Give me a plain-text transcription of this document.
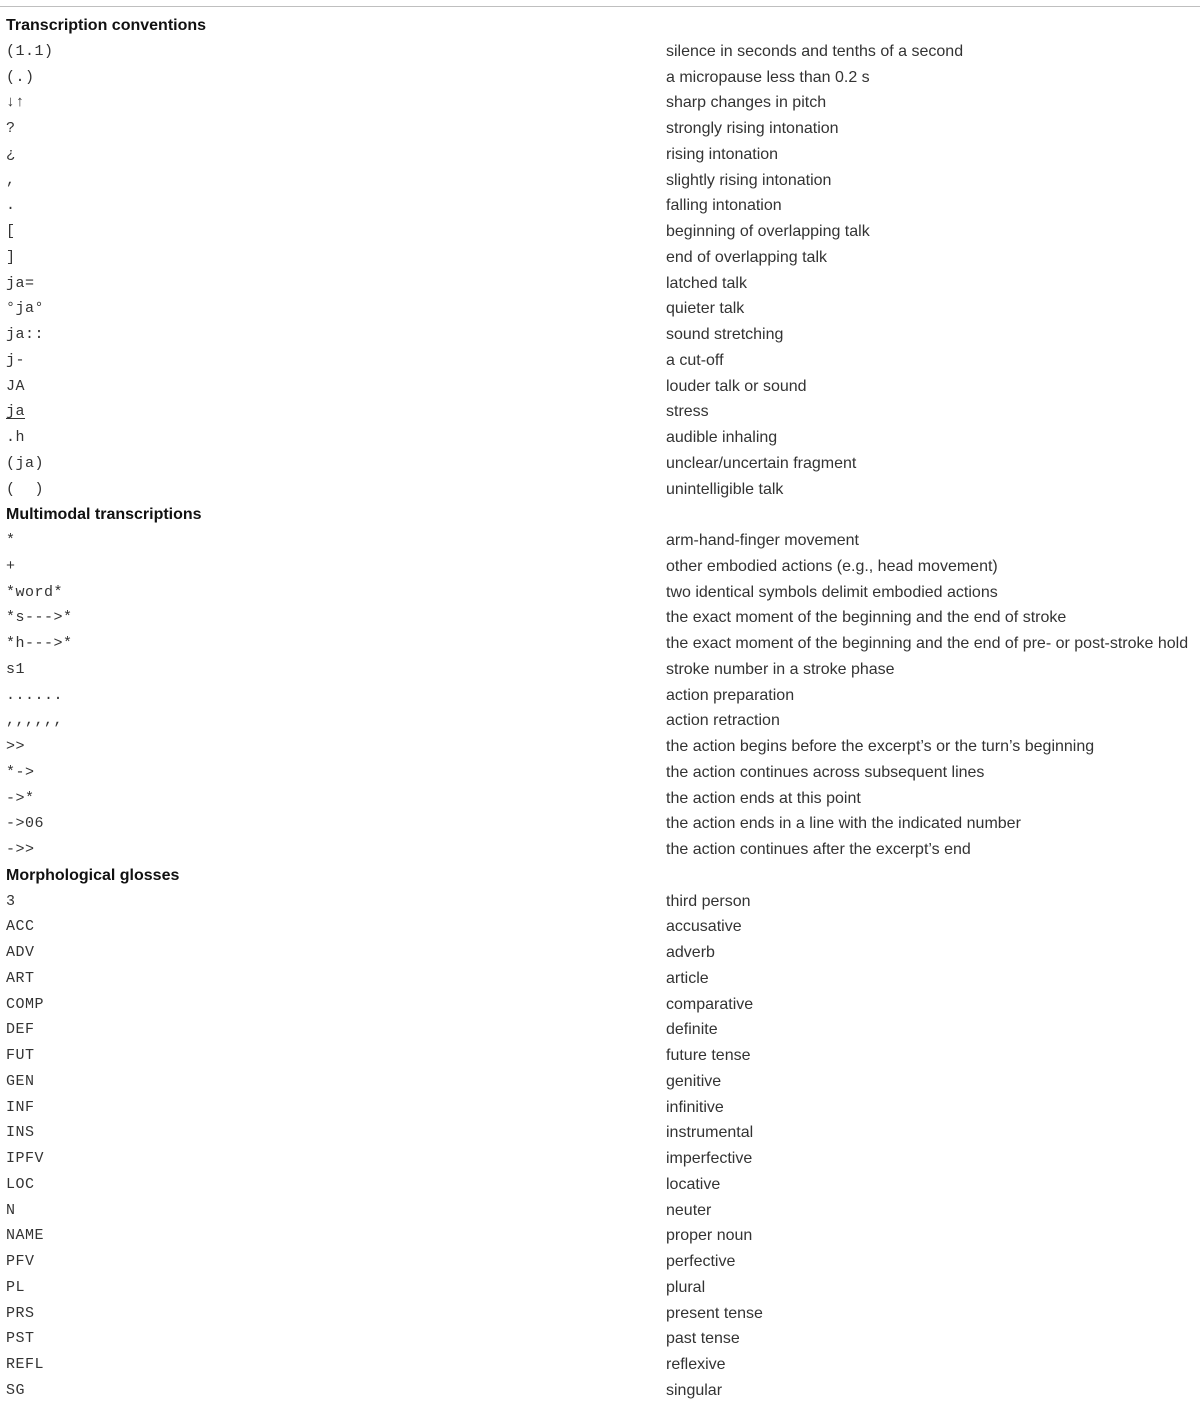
Transcription conventions
(1.1)	silence in seconds and tenths of a second
(.)	a micropause less than 0.2 s
↓↑	sharp changes in pitch
?	strongly rising intonation
¿	rising intonation
,	slightly rising intonation
.	falling intonation
[	beginning of overlapping talk
]	end of overlapping talk
ja=	latched talk
°ja°	quieter talk
ja::	sound stretching
j-	a cut-off
JA	louder talk or sound
ja	stress
.h	audible inhaling
(ja)	unclear/uncertain fragment
(  )	unintelligible talk
Multimodal transcriptions
*	arm-hand-finger movement
+	other embodied actions (e.g., head movement)
*word*	two identical symbols delimit embodied actions
*s--->*	the exact moment of the beginning and the end of stroke
*h--->*	the exact moment of the beginning and the end of pre- or post-stroke hold
s1	stroke number in a stroke phase
......	action preparation
,,,,,,	action retraction
>>	the action begins before the excerpt’s or the turn’s beginning
*->	the action continues across subsequent lines
->*	the action ends at this point
->06	the action ends in a line with the indicated number
->>	the action continues after the excerpt’s end
Morphological glosses
3	third person
ACC	accusative
ADV	adverb
ART	article
COMP	comparative
DEF	definite
FUT	future tense
GEN	genitive
INF	infinitive
INS	instrumental
IPFV	imperfective
LOC	locative
N	neuter
NAME	proper noun
PFV	perfective
PL	plural
PRS	present tense
PST	past tense
REFL	reflexive
SG	singular
